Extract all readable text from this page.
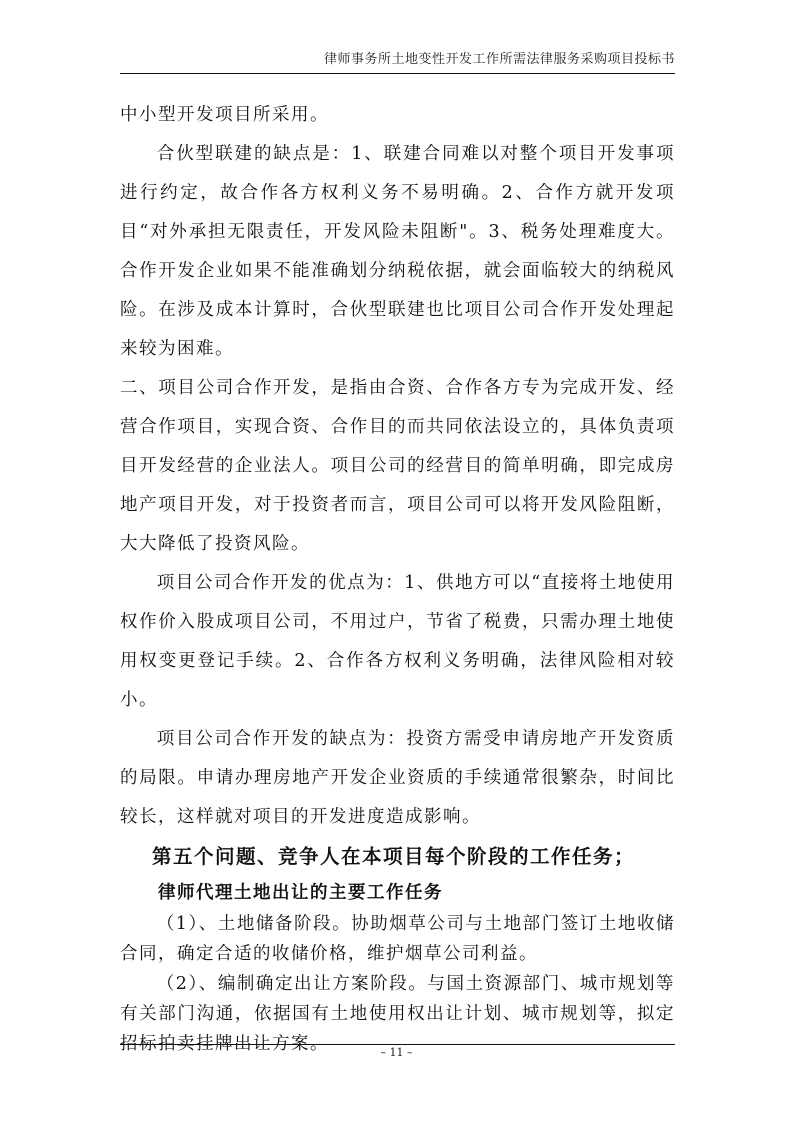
律师事务所土地变性开发工作所需法律服务采购项目投标书

中小型开发项目所采用。

合伙型联建的缺点是：1、联建合同难以对整个项目开发事项进行约定，故合作各方权利义务不易明确。2、合作方就开发项目“对外承担无限责任，开发风险未阻断"。3、税务处理难度大。合作开发企业如果不能准确划分纳税依据，就会面临较大的纳税风险。在涉及成本计算时，合伙型联建也比项目公司合作开发处理起来较为困难。

二、项目公司合作开发，是指由合资、合作各方专为完成开发、经营合作项目，实现合资、合作目的而共同依法设立的，具体负责项目开发经营的企业法人。项目公司的经营目的简单明确，即完成房地产项目开发，对于投资者而言，项目公司可以将开发风险阻断，大大降低了投资风险。

项目公司合作开发的优点为：1、供地方可以“直接将土地使用权作价入股成项目公司，不用过户，节省了税费，只需办理土地使用权变更登记手续。2、合作各方权利义务明确，法律风险相对较小。

项目公司合作开发的缺点为：投资方需受申请房地产开发资质的局限。申请办理房地产开发企业资质的手续通常很繁杂，时间比较长，这样就对项目的开发进度造成影响。

第五个问题、竞争人在本项目每个阶段的工作任务；
律师代理土地出让的主要工作任务

（1）、土地储备阶段。协助烟草公司与土地部门签订土地收储合同，确定合适的收储价格，维护烟草公司利益。

（2）、编制确定出让方案阶段。与国土资源部门、城市规划等有关部门沟通，依据国有土地使用权出让计划、城市规划等，拟定招标拍卖挂牌出让方案。	– 11 –
